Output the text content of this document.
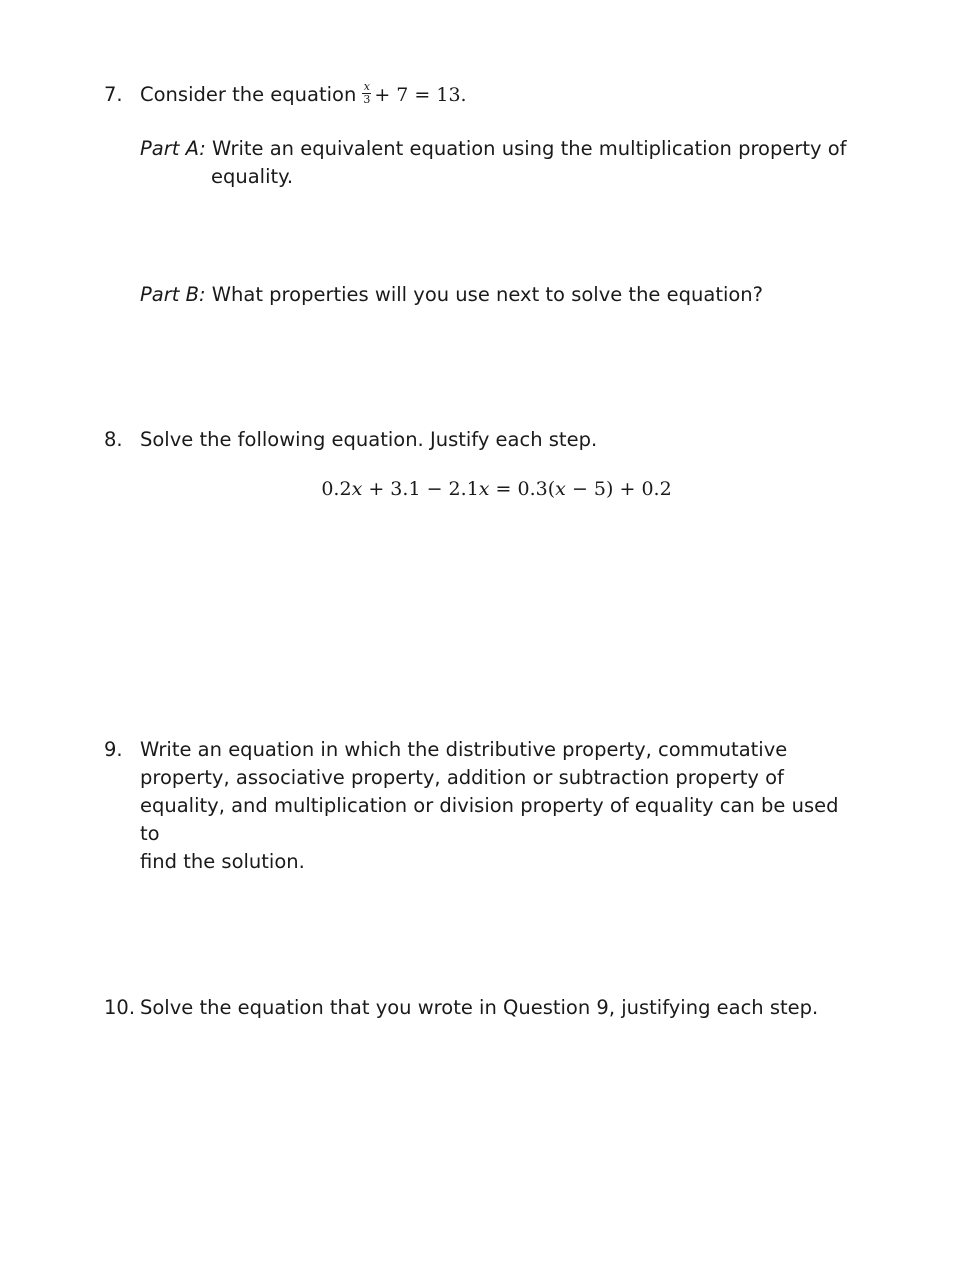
7. Consider the equation $\frac{x}{3} + 7 = 13$.
Part A: Write an equivalent equation using the multiplication property of
equality.
Part B: What properties will you use next to solve the equation?
8. Solve the following equation. Justify each step.
0.2x + 3.1 − 2.1x = 0.3(x − 5) + 0.2
9. Write an equation in which the distributive property, commutative
property, associative property, addition or subtraction property of
equality, and multiplication or division property of equality can be used to
find the solution.
10. Solve the equation that you wrote in Question 9, justifying each step.
